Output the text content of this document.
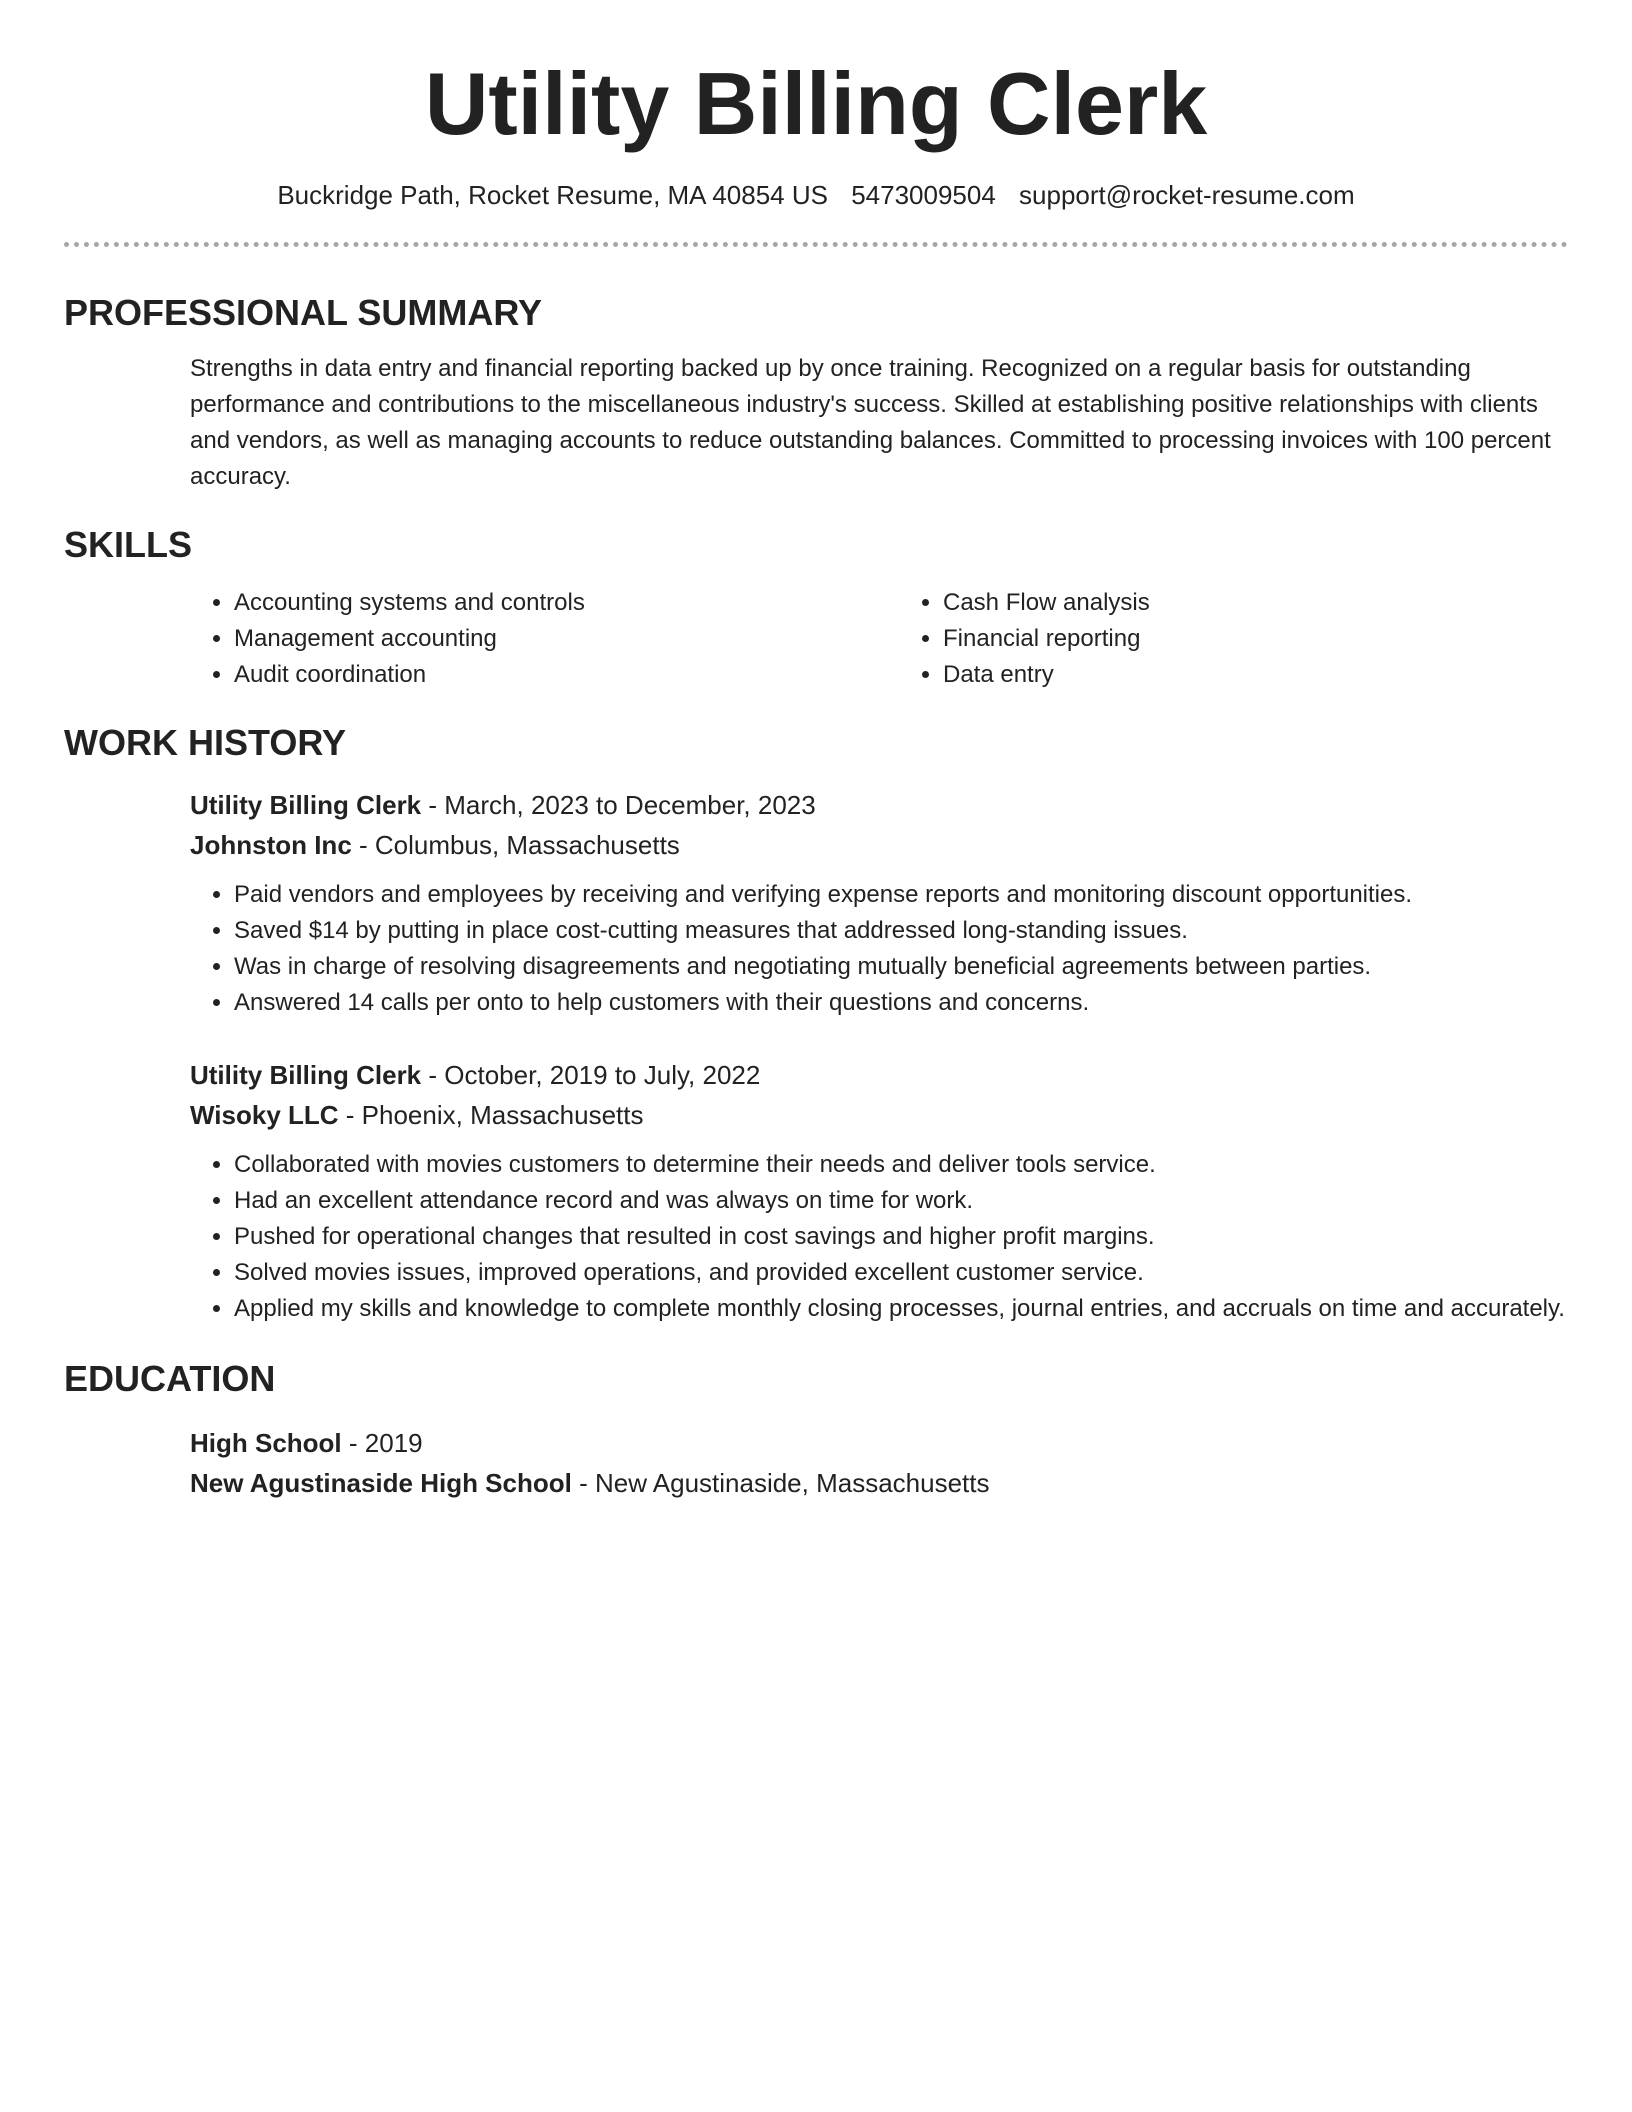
Utility Billing Clerk
Buckridge Path, Rocket Resume, MA 40854 US 5473009504 support@rocket-resume.com
PROFESSIONAL SUMMARY

Strengths in data entry and financial reporting backed up by once training. Recognized on a regular basis for outstanding performance and contributions to the miscellaneous industry's success. Skilled at establishing positive relationships with clients and vendors, as well as managing accounts to reduce outstanding balances. Committed to processing invoices with 100 percent accuracy.

SKILLS
• Accounting systems and controls
• Management accounting
• Audit coordination
• Cash Flow analysis
• Financial reporting
• Data entry
WORK HISTORY
Utility Billing Clerk - March, 2023 to December, 2023
Johnston Inc - Columbus, Massachusetts
• Paid vendors and employees by receiving and verifying expense reports and monitoring discount opportunities.
• Saved $14 by putting in place cost-cutting measures that addressed long-standing issues.
• Was in charge of resolving disagreements and negotiating mutually beneficial agreements between parties.
• Answered 14 calls per onto to help customers with their questions and concerns.
Utility Billing Clerk - October, 2019 to July, 2022
Wisoky LLC - Phoenix, Massachusetts
• Collaborated with movies customers to determine their needs and deliver tools service.
• Had an excellent attendance record and was always on time for work.
• Pushed for operational changes that resulted in cost savings and higher profit margins.
• Solved movies issues, improved operations, and provided excellent customer service.
• Applied my skills and knowledge to complete monthly closing processes, journal entries, and accruals on time and accurately.
EDUCATION
High School - 2019
New Agustinaside High School - New Agustinaside, Massachusetts
